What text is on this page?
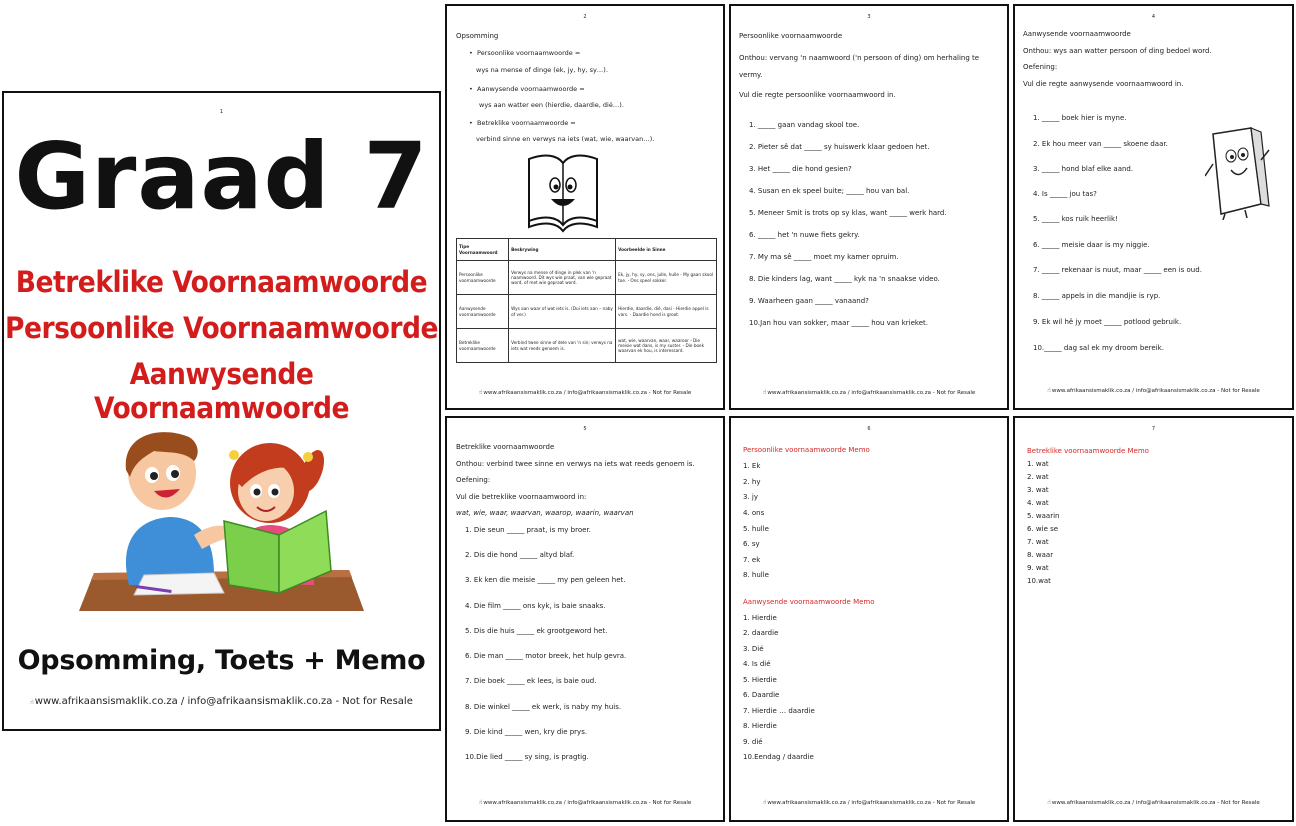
1
Graad 7
Betreklike Voornaamwoorde
Persoonlike Voornaamwoorde
Aanwysende Voornaamwoorde
Opsomming, Toets + Memo
☝www.afrikaansismaklik.co.za / info@afrikaansismaklik.co.za - Not for Resale
2
Opsomming
• Persoonlike voornaamwoorde =
wys na mense of dinge (ek, jy, hy, sy…).
• Aanwysende voornaamwoorde =
wys aan watter een (hierdie, daardie, dié…).
• Betreklike voornaamwoorde =
verbind sinne en verwys na iets (wat, wie, waarvan…).
Tipe Voornaamwoord	Beskrywing	Voorbeelde in Sinne
Persoonlike voornaamwoorde	Verwys na mense of dinge in plek van 'n naamwoord. Dit wys wie praat, van wie gepraat word, of met wie gepraat word.	Ek, jy, hy, sy, ons, julle, hulle - My gaan skool toe. - Ons speel sokker.
Aanwysende voornaamwoorde	Wys aan waar of wat iets is. (Dui iets aan – naby of ver.)	Hierdie, daardie, dié, dasi - Hierdie appel is vars. - Daardie hond is groot.
Betreklike voornaamwoorde	Verbind twee sinne of dele van 'n sin; verwys na iets wat reeds genoem is.	wat, wie, waarvan, waar, waaroor - Die meisie wat dans, is my suster. - Die boek waarvan ek hou, is interessant.
☝www.afrikaansismaklik.co.za / info@afrikaansismaklik.co.za - Not for Resale
3
Persoonlike voornaamwoorde
Onthou: vervang 'n naamwoord ('n persoon of ding) om herhaling te
vermy.
Vul die regte persoonlike voornaamwoord in.
1. _____ gaan vandag skool toe.
2. Pieter sê dat _____ sy huiswerk klaar gedoen het.
3. Het _____ die hond gesien?
4. Susan en ek speel buite; _____ hou van bal.
5. Meneer Smit is trots op sy klas, want _____ werk hard.
6. _____ het 'n nuwe fiets gekry.
7. My ma sê _____ moet my kamer opruim.
8. Die kinders lag, want _____ kyk na 'n snaakse video.
9. Waarheen gaan _____ vanaand?
10.Jan hou van sokker, maar _____ hou van krieket.
☝www.afrikaansismaklik.co.za / info@afrikaansismaklik.co.za - Not for Resale
4
Aanwysende voornaamwoorde
Onthou: wys aan watter persoon of ding bedoel word.
Oefening:
Vul die regte aanwysende voornaamwoord in.
1. _____ boek hier is myne.
2. Ek hou meer van _____ skoene daar.
3. _____ hond blaf elke aand.
4. Is _____ jou tas?
5. _____ kos ruik heerlik!
6. _____ meisie daar is my niggie.
7. _____ rekenaar is nuut, maar _____ een is oud.
8. _____ appels in die mandjie is ryp.
9. Ek wil hê jy moet _____ potlood gebruik.
10._____ dag sal ek my droom bereik.
☝www.afrikaansismaklik.co.za / info@afrikaansismaklik.co.za - Not for Resale
5
Betreklike voornaamwoorde
Onthou: verbind twee sinne en verwys na iets wat reeds genoem is.
Oefening:
Vul die betreklike voornaamwoord in:
wat, wie, waar, waarvan, waarop, waarin, waarvan
1. Die seun _____ praat, is my broer.
2. Dis die hond _____ altyd blaf.
3. Ek ken die meisie _____ my pen geleen het.
4. Die film _____ ons kyk, is baie snaaks.
5. Dis die huis _____ ek grootgeword het.
6. Die man _____ motor breek, het hulp gevra.
7. Die boek _____ ek lees, is baie oud.
8. Die winkel _____ ek werk, is naby my huis.
9. Die kind _____ wen, kry die prys.
10.Die lied _____ sy sing, is pragtig.
☝www.afrikaansismaklik.co.za / info@afrikaansismaklik.co.za - Not for Resale
6
Persoonlike voornaamwoorde Memo
1. Ek
2. hy
3. jy
4. ons
5. hulle
6. sy
7. ek
8. hulle
Aanwysende voornaamwoorde Memo
1. Hierdie
2. daardie
3. Dié
4. Is dié
5. Hierdie
6. Daardie
7. Hierdie … daardie
8. Hierdie
9. dié
10.Eendag / daardie
☝www.afrikaansismaklik.co.za / info@afrikaansismaklik.co.za - Not for Resale
7
Betreklike voornaamwoorde Memo
1. wat
2. wat
3. wat
4. wat
5. waarin
6. wie se
7. wat
8. waar
9. wat
10.wat
☝www.afrikaansismaklik.co.za / info@afrikaansismaklik.co.za - Not for Resale
